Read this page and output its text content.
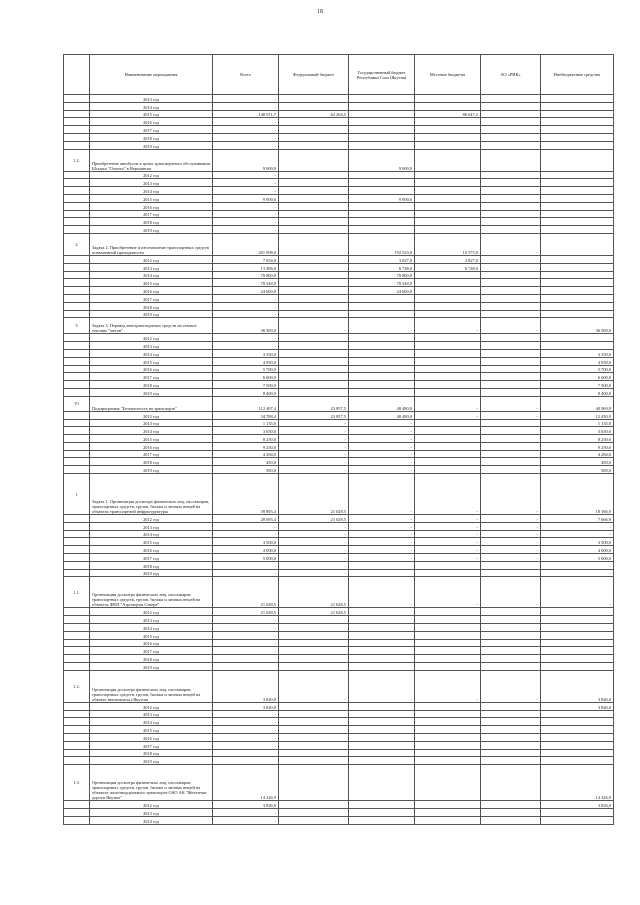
18
	Наименование мероприятия	Всего	Федеральный бюджет	Государственный бюджет Республики Саха (Якутия)	Местные бюджеты	АО «РИК»	Внебюджетные средства
	2013 год	-					
	2014 год	-					
	2015 год	148 911,7	62 264,5		86 647,2		
	2016 год	-					
	2017 год	-					
	2018 год	-					
	2019 год	-					
1.2.	Приобретение автобусов в целях транспортного обслуживания Ысыаха "Олонхо" в Верхоянске	9 900,0		9 900,0			
	2012 год	-					
	2013 год	-					
	2014 год	-					
	2015 год	9 900,0		9 900,0			
	2016 год	-					
	2017 год	-					
	2018 год	-					
	2019 год	-					
2	Задача 2. Приобретение и изготовление транспортных средств повышенной проходимости	201 098,0		192 523,0	10 575,0	-	
	2012 год	7 654,0		3 827,0	3 827,0		
	2013 год	13 496,0		6 748,0	6 748,0		
	2014 год	78 800,0		78 800,0			
	2015 год	78 548,0		78 548,0			
	2016 год	24 600,0		24 600,0			
	2017 год	-					
	2018 год	-					
	2019 год	-					
3	Задача 3. Перевод автотранспортных средств на газовое топливо "метан"	36 500,0	-	-	-	-	36 500,0
	2012 год	-					
	2013 год	-					
	2014 год	3 350,0					3 350,0
	2015 год	4 950,0					4 950,0
	2016 год	5 700,0					5 700,0
	2017 год	6 600,0					6 600,0
	2018 год	7 500,0					7 500,0
	2019 год	8 400,0					8 400,0
VI	Подпрограмма "Безопасность на транспорте"	112 407,4	23 857,5	48 480,0	-	-	40 069,9
	2012 год	34 788,4	23 857,5	48 480,0	-	-	12 450,9
	2013 год	1 135,0	-	-			1 135,0
	2014 год	3 650,0	-	-			3 650,0
	2015 год	8 250,0	-	-			8 250,0
	2016 год	9 250,0	-	-			9 250,0
	2017 год	4 284,0	-	-			4 284,0
	2018 год	450,0	-	-			450,0
	2019 год	500,0	-	-			500,0
1	Задача 1. Организация досмотра физических лиц, пассажиров, транспортных средств, грузов, багажа и личных вещей на объектах транспортной инфраструктуры	39 895,4	21 028,5	-	-	-	18 166,9
	2012 год	28 695,4	21 028,5	-	-	-	7 666,9
	2013 год	-	-	-	-	-	-
	2014 год	-	-	-	-	-	-
	2015 год	3 500,0	-	-	-	-	3 500,0
	2016 год	4 000,0	-	-	-	-	4 000,0
	2017 год	5 000,0	-	-	-	-	5 000,0
	2018 год	-	-				-
	2019 год	-	-				-
1.1.	Организация досмотра физических лиц, пассажиров, транспортных средств, грузов, багажа и личных вещей на объектах ФКП "Аэропорты Севера"	21 028,5	21 028,5	-	-	-	-
	2012 год	21 028,5	21 028,5				
	2013 год	-					
	2014 год	-					
	2015 год	-					
	2016 год	-					
	2017 год	-					
	2018 год						
	2019 год						
1.2.	Организация досмотра физических лиц, пассажиров, транспортных средств, грузов, багажа и личных вещей на объекте автовокзала г.Якутска	3 840,0	-	-	-	-	3 840,0
	2012 год	3 840,0					3 840,0
	2013 год	-					
	2014 год	-					
	2015 год	-					
	2016 год	-					
	2017 год	-					
	2018 год						
	2019 год						
1.3.	Организация досмотра физических лиц, пассажиров, транспортных средств, грузов, багажа и личных вещей на объектах железнодорожного транспорта ОАО АК "Железные дороги Якутии"	14 326,9					14 326,9
	2012 год	3 826,9					3 826,9
	2013 год	-					
	2014 год	-					
